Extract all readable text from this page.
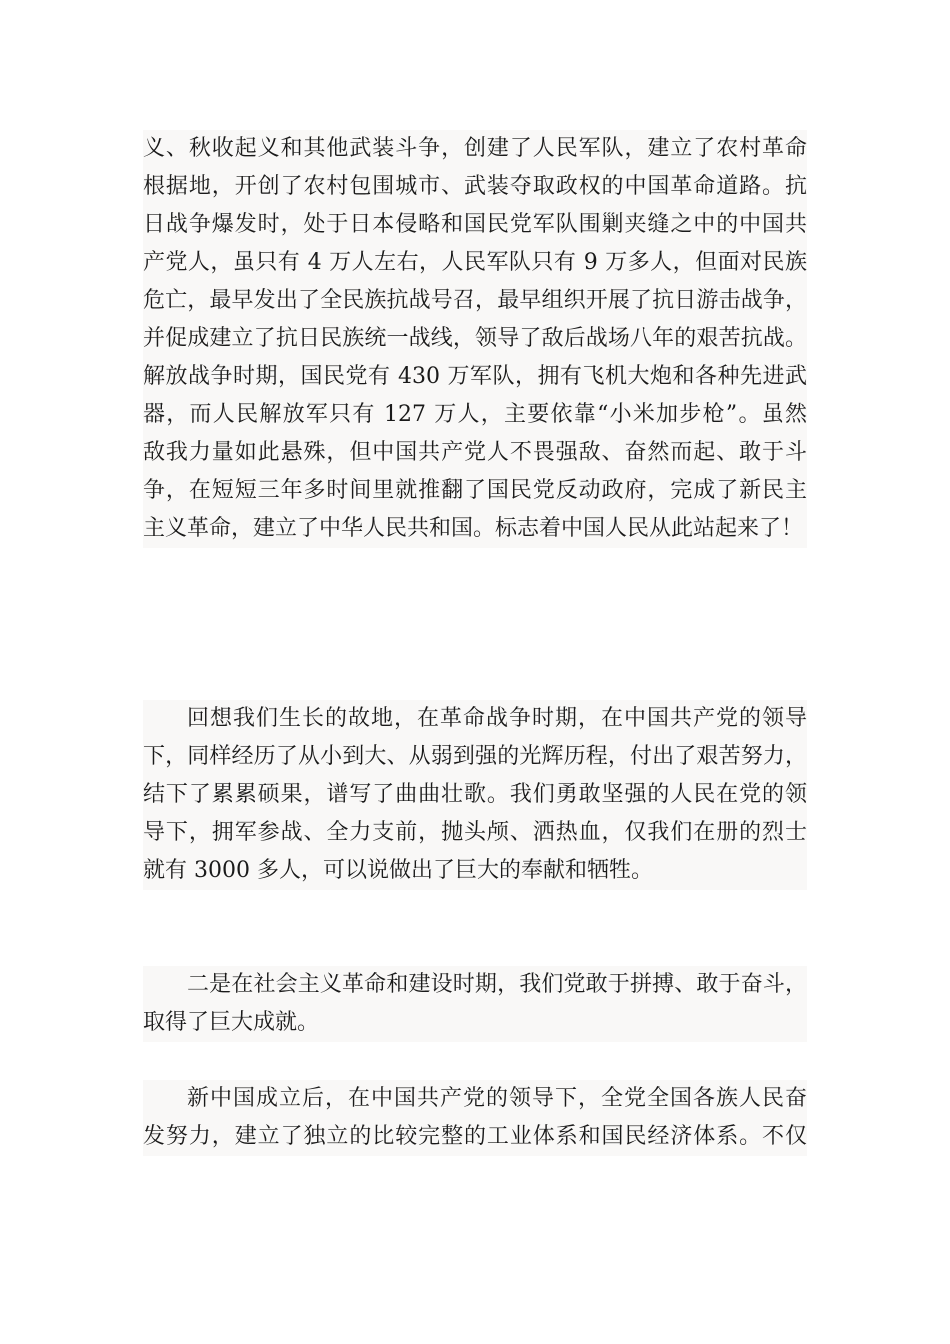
义、秋收起义和其他武装斗争，创建了人民军队，建立了农村革命
根据地，开创了农村包围城市、武装夺取政权的中国革命道路。抗
日战争爆发时，处于日本侵略和国民党军队围剿夹缝之中的中国共
产党人，虽只有 4 万人左右，人民军队只有 9 万多人，但面对民族
危亡，最早发出了全民族抗战号召，最早组织开展了抗日游击战争，
并促成建立了抗日民族统一战线，领导了敌后战场八年的艰苦抗战。
解放战争时期，国民党有 430 万军队，拥有飞机大炮和各种先进武
器，而人民解放军只有 127 万人，主要依靠“小米加步枪”。虽然
敌我力量如此悬殊，但中国共产党人不畏强敌、奋然而起、敢于斗
争，在短短三年多时间里就推翻了国民党反动政府，完成了新民主
主义革命，建立了中华人民共和国。标志着中国人民从此站起来了！
回想我们生长的故地，在革命战争时期，在中国共产党的领导
下，同样经历了从小到大、从弱到强的光辉历程，付出了艰苦努力，
结下了累累硕果，谱写了曲曲壮歌。我们勇敢坚强的人民在党的领
导下，拥军参战、全力支前，抛头颅、洒热血，仅我们在册的烈士
就有 3000 多人，可以说做出了巨大的奉献和牺牲。
二是在社会主义革命和建设时期，我们党敢于拼搏、敢于奋斗，
取得了巨大成就。
新中国成立后，在中国共产党的领导下，全党全国各族人民奋
发努力，建立了独立的比较完整的工业体系和国民经济体系。不仅
